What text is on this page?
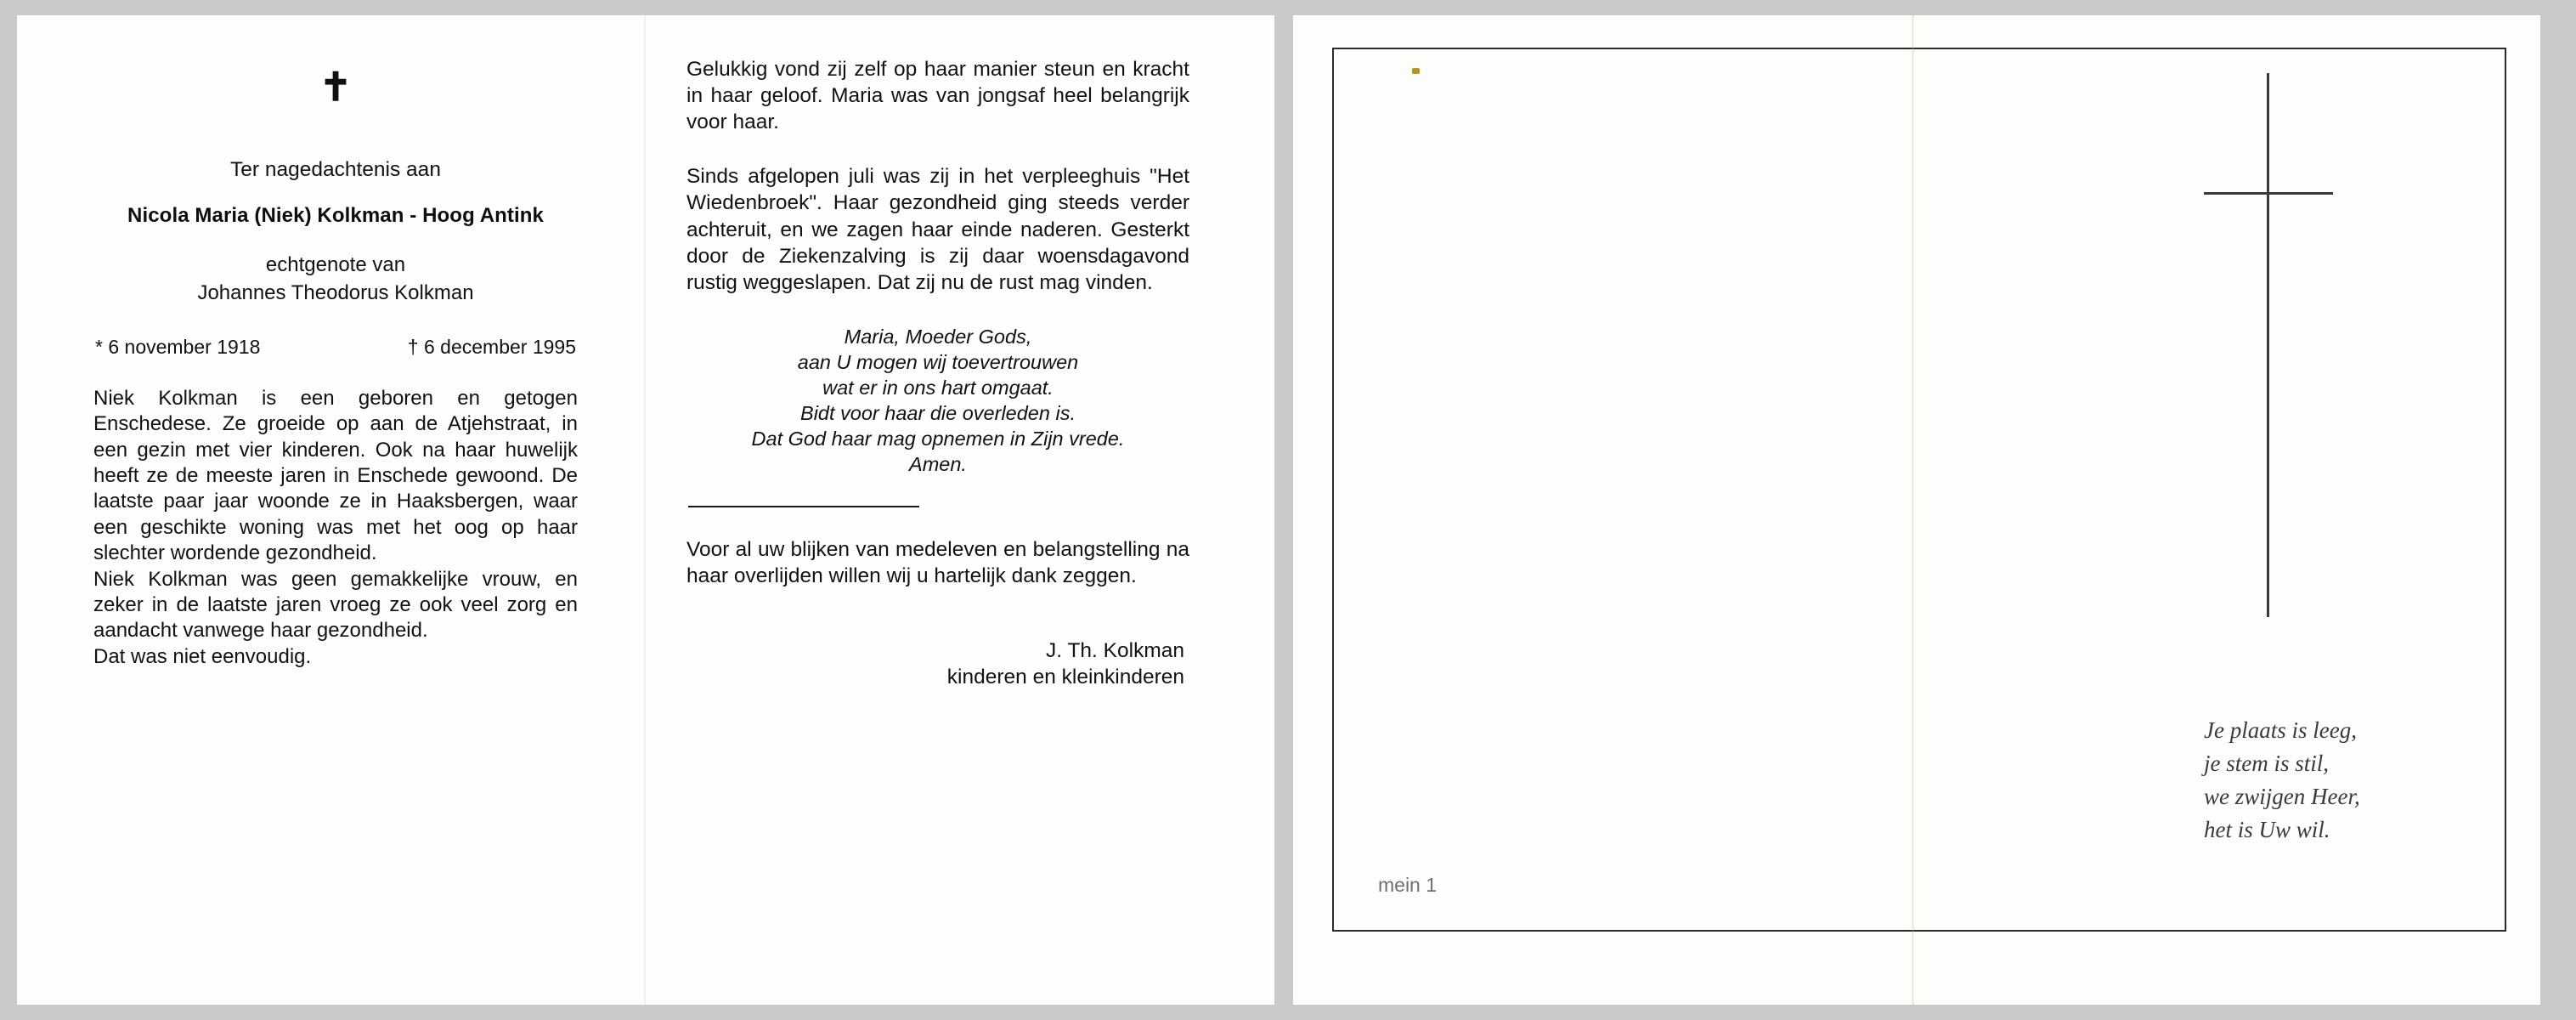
✝
Ter nagedachtenis aan
Nicola Maria (Niek) Kolkman - Hoog Antink
echtgenote van
Johannes Theodorus Kolkman
* 6 november 1918	† 6 december 1995

Niek Kolkman is een geboren en getogen Enschedese. Ze groeide op aan de Atjehstraat, in een gezin met vier kinderen. Ook na haar huwelijk heeft ze de meeste jaren in Enschede gewoond. De laatste paar jaar woonde ze in Haaksbergen, waar een geschikte woning was met het oog op haar slechter wordende gezondheid.

Niek Kolkman was geen gemakkelijke vrouw, en zeker in de laatste jaren vroeg ze ook veel zorg en aandacht vanwege haar gezondheid.

Dat was niet eenvoudig.

Gelukkig vond zij zelf op haar manier steun en kracht in haar geloof. Maria was van jongsaf heel belangrijk voor haar.

Sinds afgelopen juli was zij in het verpleeghuis "Het Wiedenbroek". Haar gezondheid ging steeds verder achteruit, en we zagen haar einde naderen. Gesterkt door de Ziekenzalving is zij daar woensdagavond rustig weggeslapen. Dat zij nu de rust mag vinden.

Maria, Moeder Gods,
aan U mogen wij toevertrouwen
wat er in ons hart omgaat.
Bidt voor haar die overleden is.
Dat God haar mag opnemen in Zijn vrede.
Amen.

Voor al uw blijken van medeleven en belangstelling na haar overlijden willen wij u hartelijk dank zeggen.

J. Th. Kolkman
kinderen en kleinkinderen
Je plaats is leeg,
je stem is stil,
we zwijgen Heer,
het is Uw wil.
mein 1
